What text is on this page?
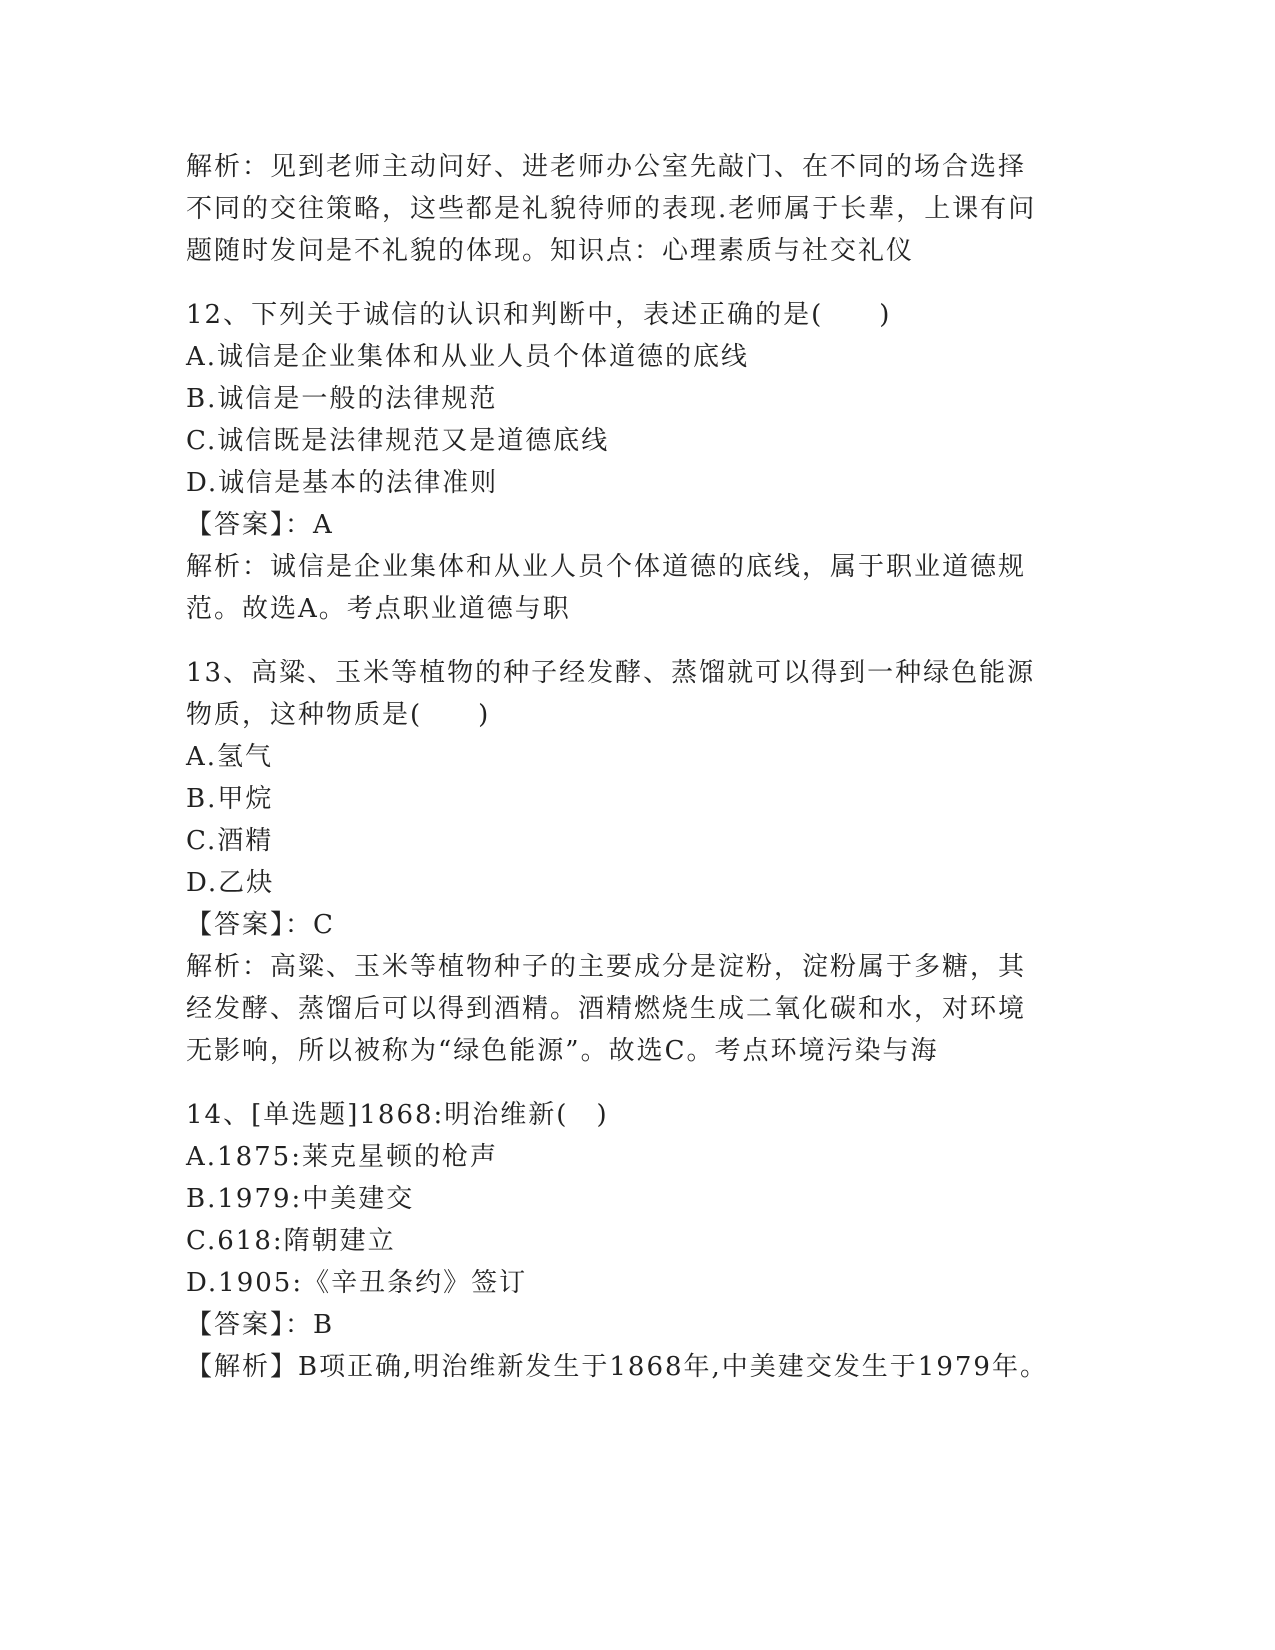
解析：见到老师主动问好、进老师办公室先敲门、在不同的场合选择
不同的交往策略，这些都是礼貌待师的表现.老师属于长辈，上课有问
题随时发问是不礼貌的体现。知识点：心理素质与社交礼仪
12、下列关于诚信的认识和判断中，表述正确的是(　　)
A.诚信是企业集体和从业人员个体道德的底线
B.诚信是一般的法律规范
C.诚信既是法律规范又是道德底线
D.诚信是基本的法律准则
【答案】：A
解析：诚信是企业集体和从业人员个体道德的底线，属于职业道德规
范。故选A。考点职业道德与职
13、高粱、玉米等植物的种子经发酵、蒸馏就可以得到一种绿色能源
物质，这种物质是(　　)
A.氢气
B.甲烷
C.酒精
D.乙炔
【答案】：C
解析：高粱、玉米等植物种子的主要成分是淀粉，淀粉属于多糖，其
经发酵、蒸馏后可以得到酒精。酒精燃烧生成二氧化碳和水，对环境
无影响，所以被称为“绿色能源”。故选C。考点环境污染与海
14、[单选题]1868:明治维新(　)
A.1875:莱克星顿的枪声
B.1979:中美建交
C.618:隋朝建立
D.1905:《辛丑条约》签订
【答案】：B
【解析】B项正确,明治维新发生于1868年,中美建交发生于1979年。
